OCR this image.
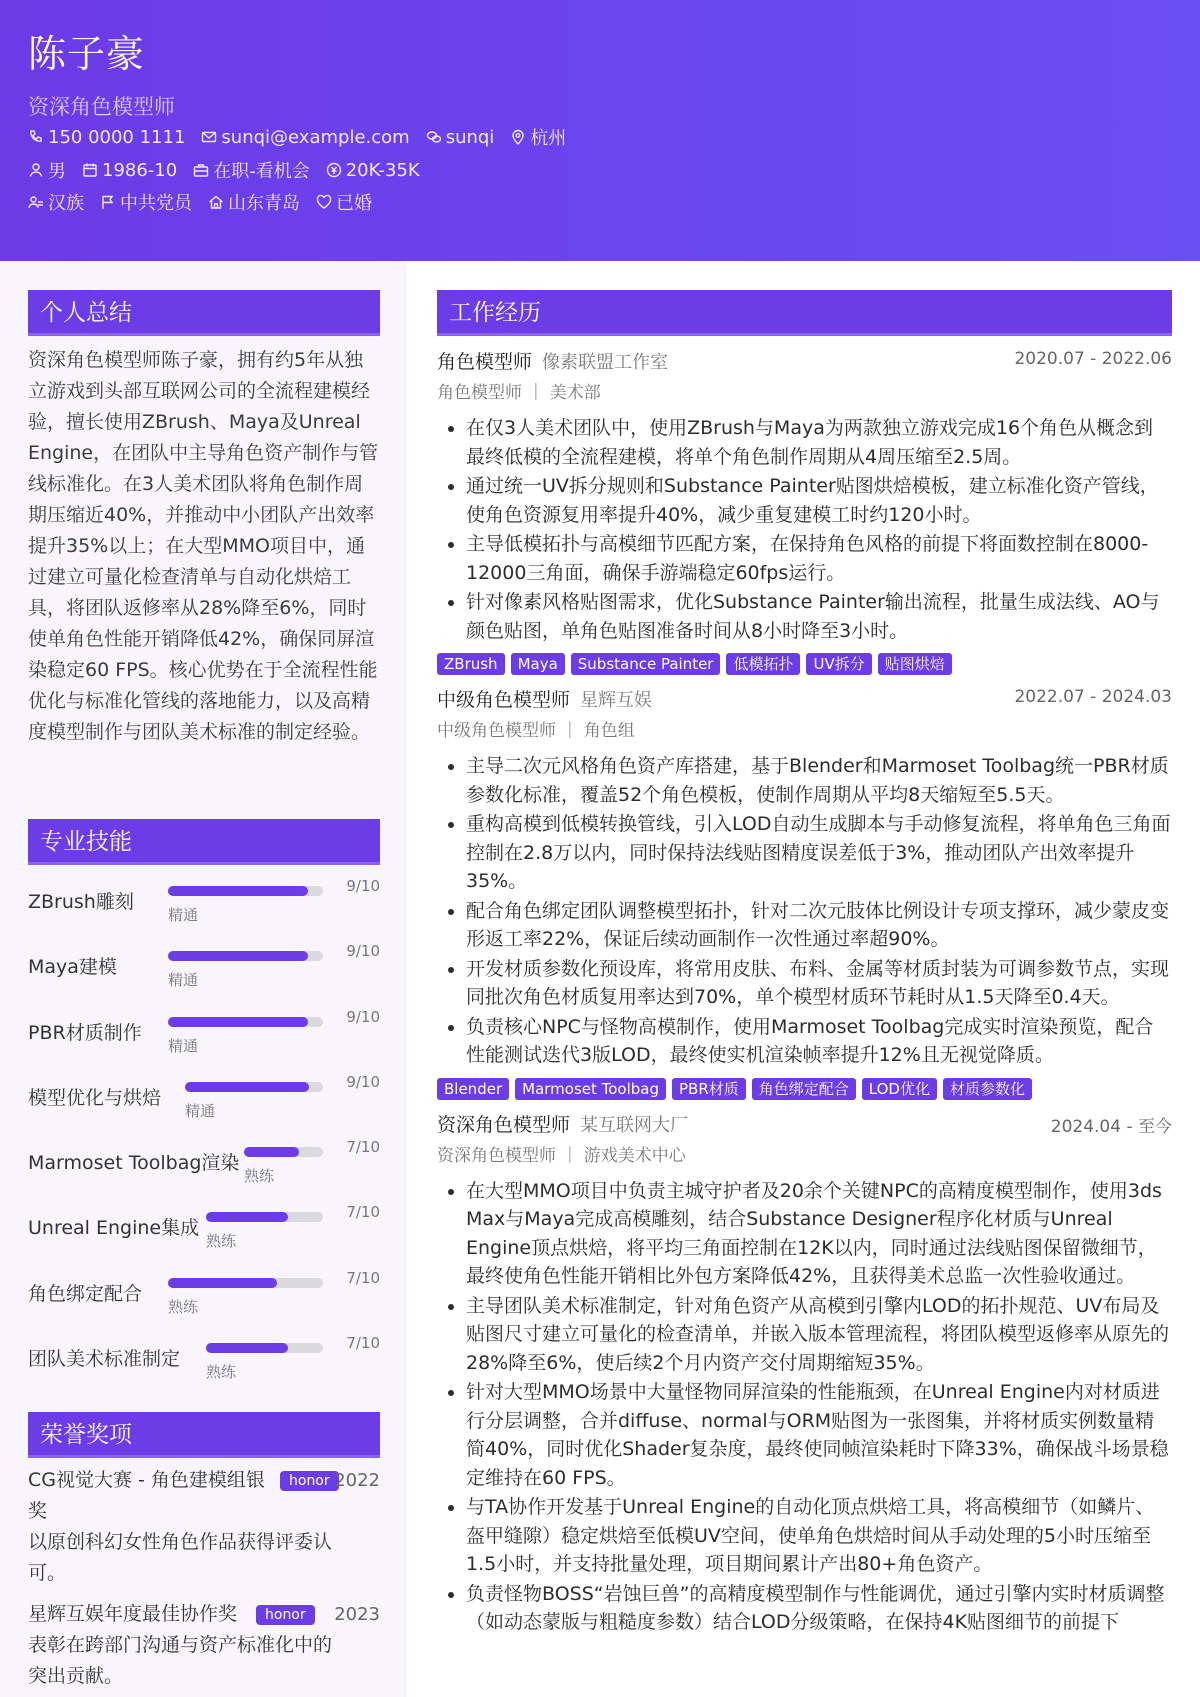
陈子豪
资深角色模型师
150 0000 1111 sunqi@example.com sunqi 杭州
男 1986-10 在职-看机会 20K-35K
汉族 中共党员 山东青岛 已婚
个人总结
资深角色模型师陈子豪，拥有约5年从独立游戏到头部互联网公司的全流程建模经验，擅长使用ZBrush、Maya及Unreal Engine，在团队中主导角色资产制作与管线标准化。在3人美术团队将角色制作周期压缩近40%，并推动中小团队产出效率提升35%以上；在大型MMO项目中，通过建立可量化检查清单与自动化烘焙工具，将团队返修率从28%降至6%，同时使单角色性能开销降低42%，确保同屏渲染稳定60 FPS。核心优势在于全流程性能优化与标准化管线的落地能力，以及高精度模型制作与团队美术标准的制定经验。
专业技能
ZBrush雕刻
精通
9/10
Maya建模
精通
9/10
PBR材质制作
精通
9/10
模型优化与烘焙
精通
9/10
Marmoset Toolbag渲染
熟练
7/10
Unreal Engine集成
熟练
7/10
角色绑定配合
熟练
7/10
团队美术标准制定
熟练
7/10
荣誉奖项
CG视觉大赛 - 角色建模组银奖
honor 2022
以原创科幻女性角色作品获得评委认可。
星辉互娱年度最佳协作奖	honor	2023
表彰在跨部门沟通与资产标准化中的突出贡献。
工作经历
角色模型师 像素联盟工作室	2020.07 - 2022.06
角色模型师 ｜ 美术部
• 在仅3人美术团队中，使用ZBrush与Maya为两款独立游戏完成16个角色从概念到最终低模的全流程建模，将单个角色制作周期从4周压缩至2.5周。
• 通过统一UV拆分规则和Substance Painter贴图烘焙模板，建立标准化资产管线，使角色资源复用率提升40%，减少重复建模工时约120小时。
• 主导低模拓扑与高模细节匹配方案，在保持角色风格的前提下将面数控制在8000-12000三角面，确保手游端稳定60fps运行。
• 针对像素风格贴图需求，优化Substance Painter输出流程，批量生成法线、AO与颜色贴图，单角色贴图准备时间从8小时降至3小时。
ZBrush	Maya	Substance Painter	低模拓扑	UV拆分	贴图烘焙
中级角色模型师 星辉互娱	2022.07 - 2024.03
中级角色模型师 ｜ 角色组
• 主导二次元风格角色资产库搭建，基于Blender和Marmoset Toolbag统一PBR材质参数化标准，覆盖52个角色模板，使制作周期从平均8天缩短至5.5天。
• 重构高模到低模转换管线，引入LOD自动生成脚本与手动修复流程，将单角色三角面控制在2.8万以内，同时保持法线贴图精度误差低于3%，推动团队产出效率提升35%。
• 配合角色绑定团队调整模型拓扑，针对二次元肢体比例设计专项支撑环，减少蒙皮变形返工率22%，保证后续动画制作一次性通过率超90%。
• 开发材质参数化预设库，将常用皮肤、布料、金属等材质封装为可调参数节点，实现同批次角色材质复用率达到70%，单个模型材质环节耗时从1.5天降至0.4天。
• 负责核心NPC与怪物高模制作，使用Marmoset Toolbag完成实时渲染预览，配合性能测试迭代3版LOD，最终使实机渲染帧率提升12%且无视觉降质。
Blender	Marmoset Toolbag	PBR材质	角色绑定配合	LOD优化	材质参数化
资深角色模型师 某互联网大厂	2024.04 - 至今
资深角色模型师 ｜ 游戏美术中心
• 在大型MMO项目中负责主城守护者及20余个关键NPC的高精度模型制作，使用3ds Max与Maya完成高模雕刻，结合Substance Designer程序化材质与Unreal Engine顶点烘焙，将平均三角面控制在12K以内，同时通过法线贴图保留微细节，最终使角色性能开销相比外包方案降低42%，且获得美术总监一次性验收通过。
• 主导团队美术标准制定，针对角色资产从高模到引擎内LOD的拓扑规范、UV布局及贴图尺寸建立可量化的检查清单，并嵌入版本管理流程，将团队模型返修率从原先的28%降至6%，使后续2个月内资产交付周期缩短35%。
• 针对大型MMO场景中大量怪物同屏渲染的性能瓶颈，在Unreal Engine内对材质进行分层调整，合并diffuse、normal与ORM贴图为一张图集，并将材质实例数量精简40%，同时优化Shader复杂度，最终使同帧渲染耗时下降33%，确保战斗场景稳定维持在60 FPS。
• 与TA协作开发基于Unreal Engine的自动化顶点烘焙工具，将高模细节（如鳞片、盔甲缝隙）稳定烘焙至低模UV空间，使单角色烘焙时间从手动处理的5小时压缩至1.5小时，并支持批量处理，项目期间累计产出80+角色资产。
• 负责怪物BOSS“岩蚀巨兽”的高精度模型制作与性能调优，通过引擎内实时材质调整（如动态蒙版与粗糙度参数）结合LOD分级策略，在保持4K贴图细节的前提下
